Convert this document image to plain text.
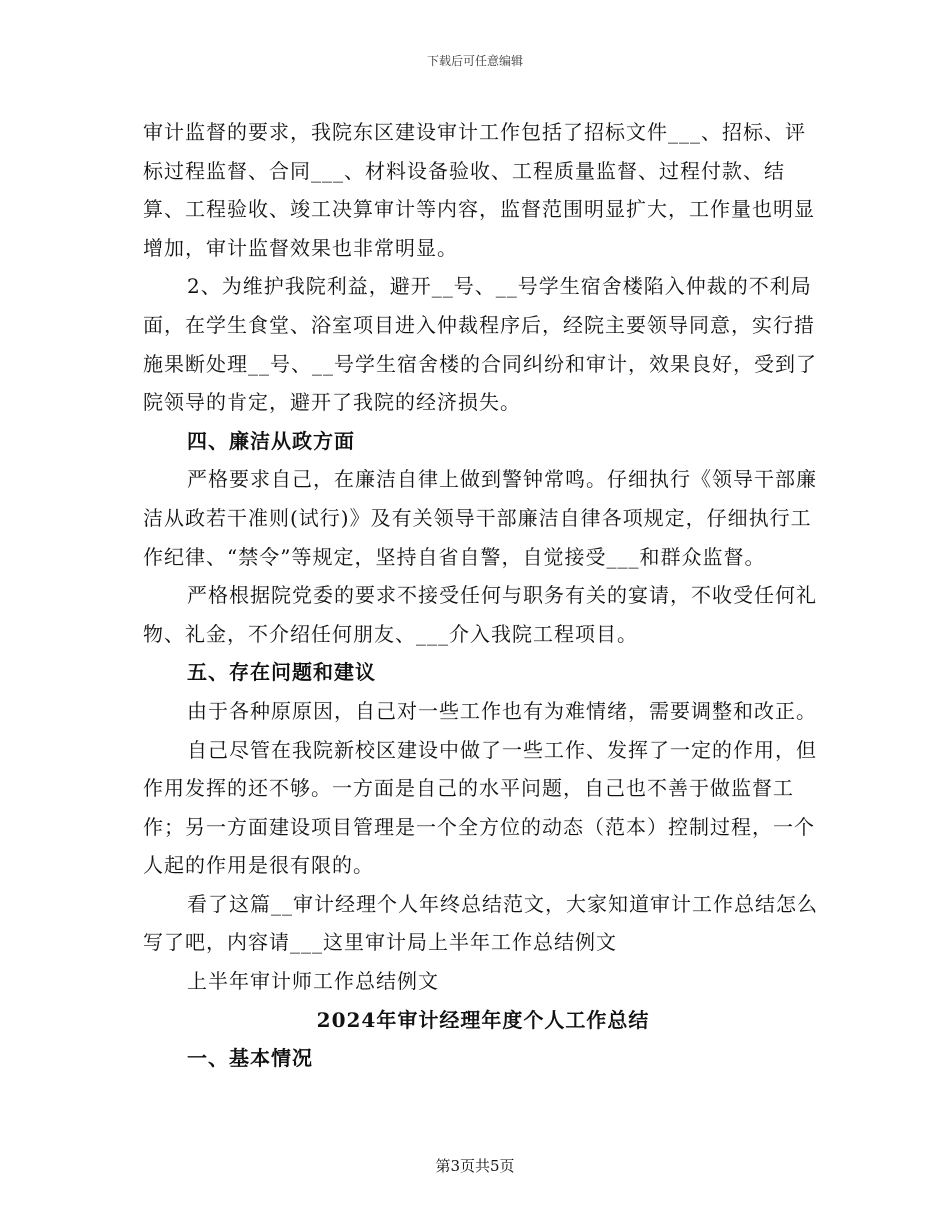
下载后可任意编辑

审计监督的要求，我院东区建设审计工作包括了招标文件___、招标、评标过程监督、合同___、材料设备验收、工程质量监督、过程付款、结算、工程验收、竣工决算审计等内容，监督范围明显扩大，工作量也明显增加，审计监督效果也非常明显。

2、为维护我院利益，避开__号、__号学生宿舍楼陷入仲裁的不利局面，在学生食堂、浴室项目进入仲裁程序后，经院主要领导同意，实行措施果断处理__号、__号学生宿舍楼的合同纠纷和审计，效果良好，受到了院领导的肯定，避开了我院的经济损失。

四、廉洁从政方面

严格要求自己，在廉洁自律上做到警钟常鸣。仔细执行《领导干部廉洁从政若干准则(试行)》及有关领导干部廉洁自律各项规定，仔细执行工作纪律、“禁令”等规定，坚持自省自警，自觉接受___和群众监督。

严格根据院党委的要求不接受任何与职务有关的宴请，不收受任何礼物、礼金，不介绍任何朋友、___介入我院工程项目。

五、存在问题和建议

由于各种原原因，自己对一些工作也有为难情绪，需要调整和改正。

自己尽管在我院新校区建设中做了一些工作、发挥了一定的作用，但作用发挥的还不够。一方面是自己的水平问题，自己也不善于做监督工作；另一方面建设项目管理是一个全方位的动态（范本）控制过程，一个人起的作用是很有限的。

看了这篇__审计经理个人年终总结范文，大家知道审计工作总结怎么写了吧，内容请___这里审计局上半年工作总结例文

上半年审计师工作总结例文

2024年审计经理年度个人工作总结

一、基本情况

第3页共5页
